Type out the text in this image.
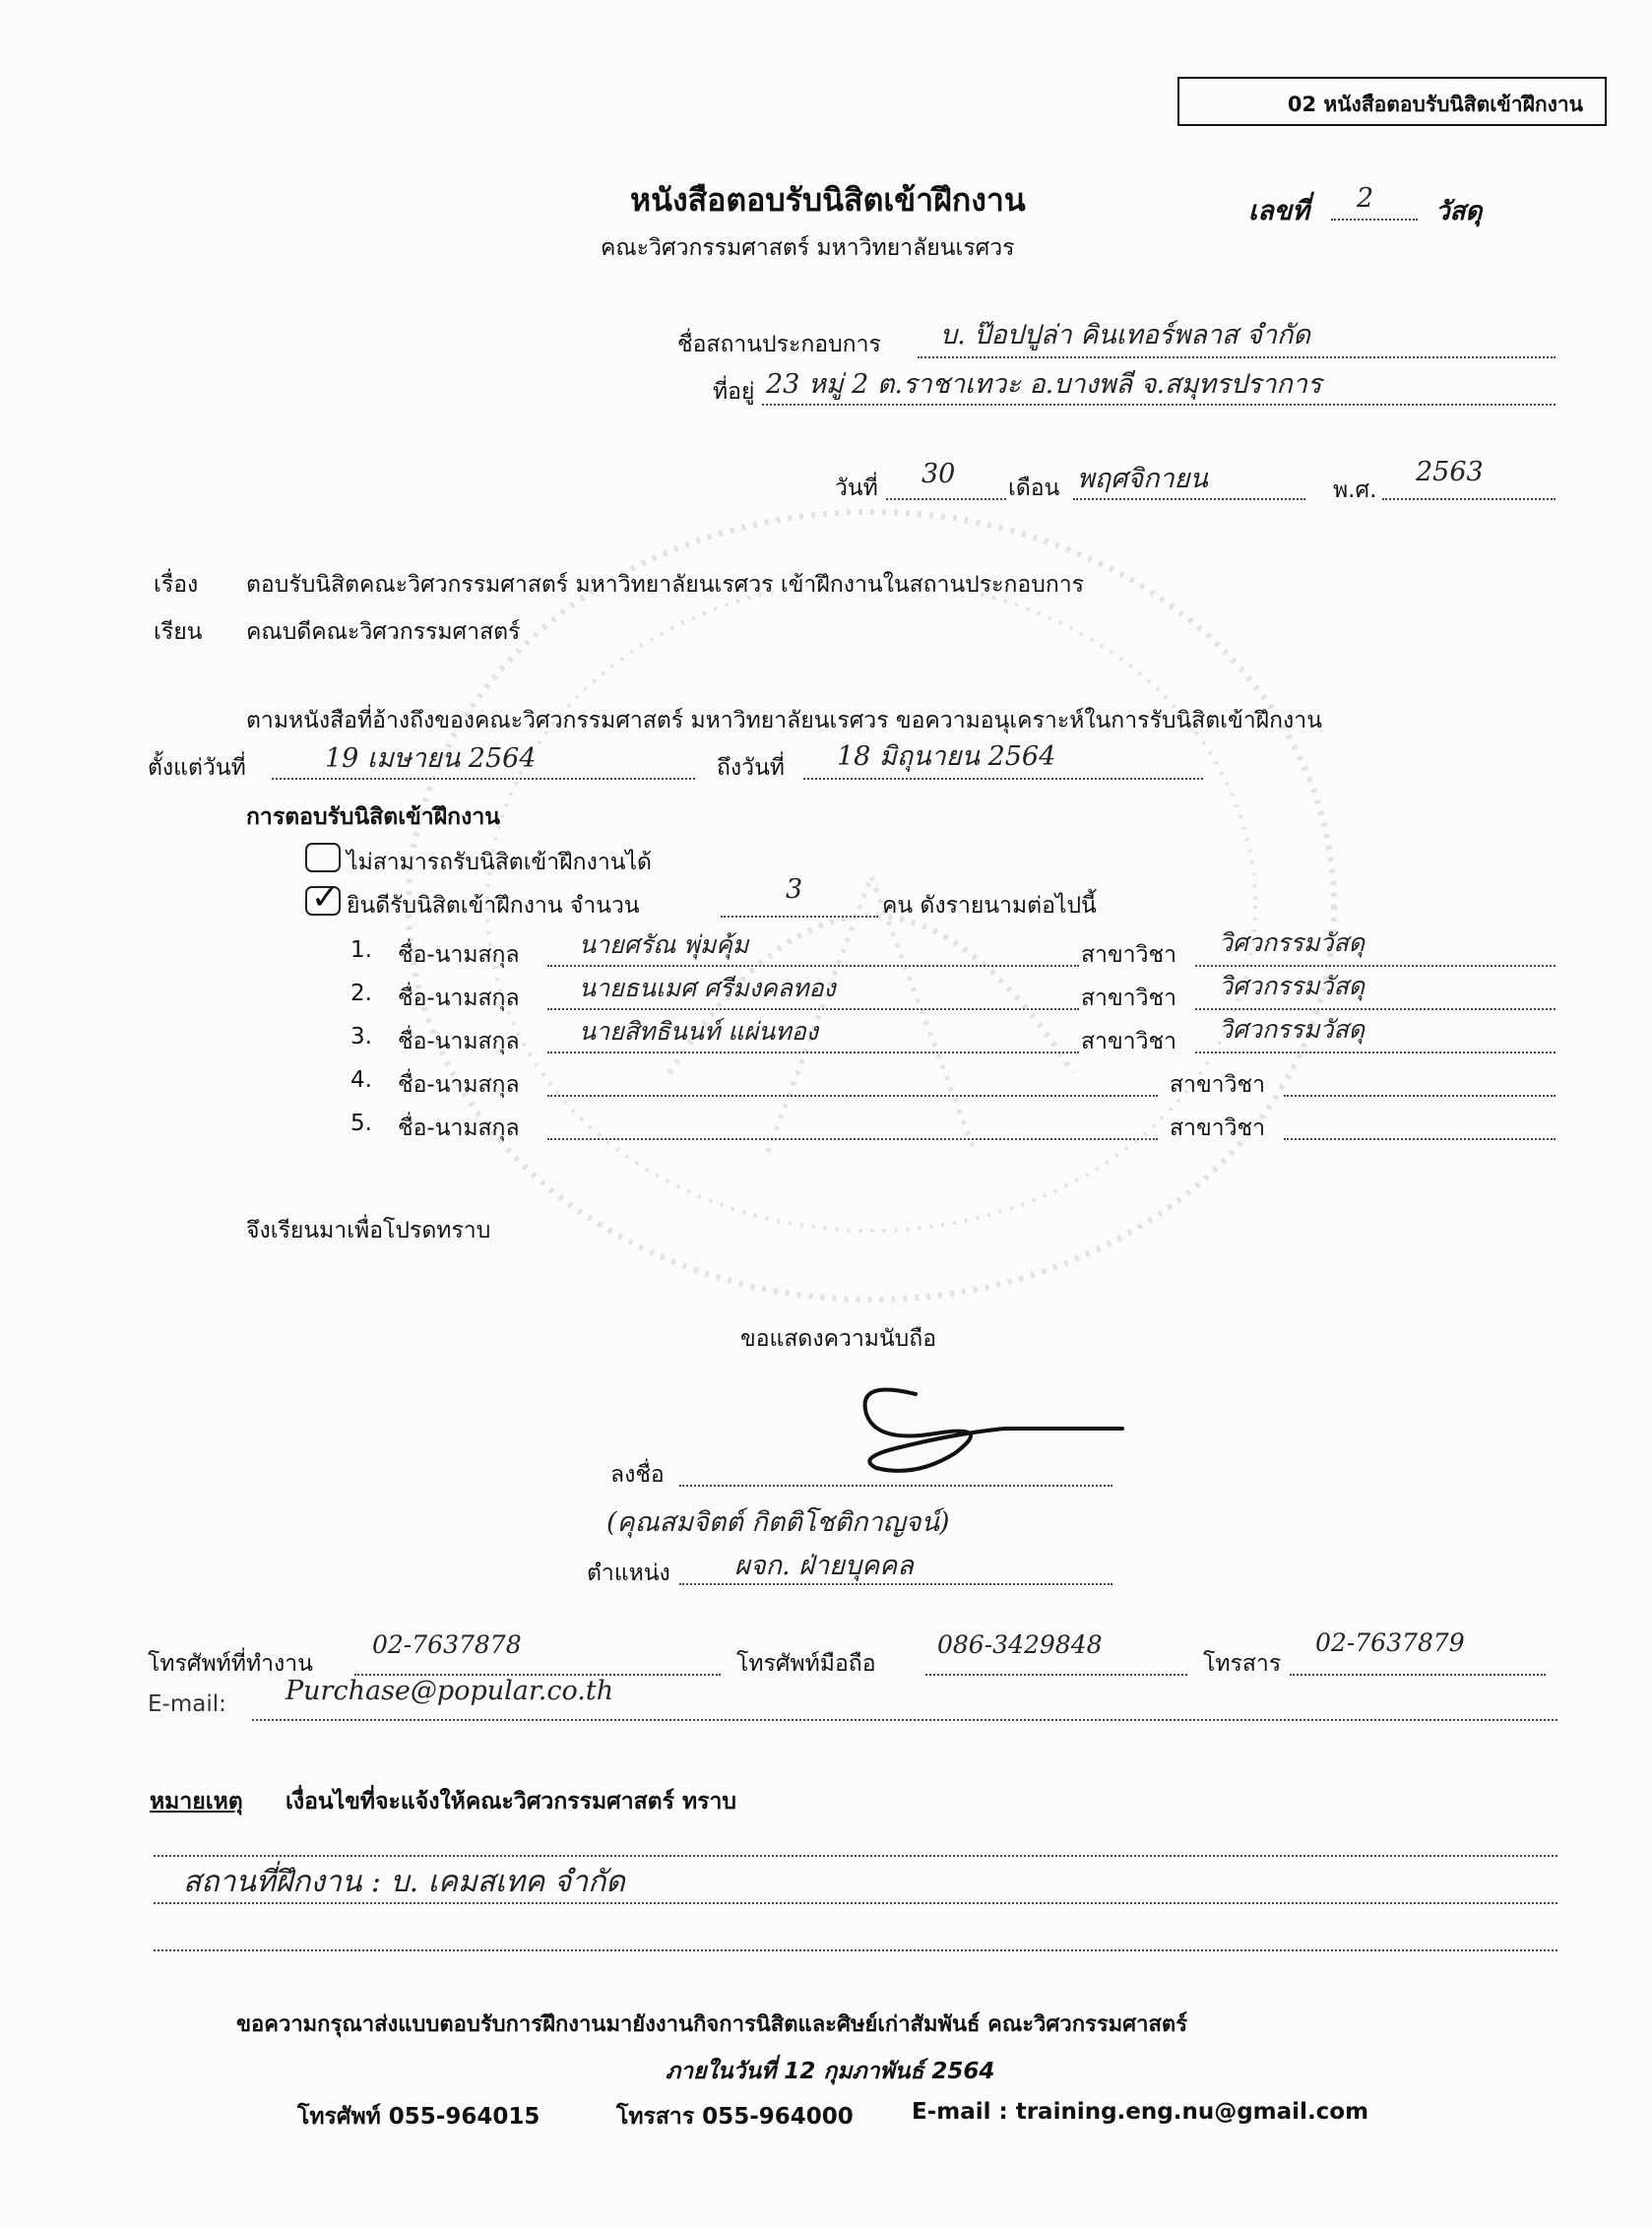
02 หนังสือตอบรับนิสิตเข้าฝึกงาน
หนังสือตอบรับนิสิตเข้าฝึกงาน
คณะวิศวกรรมศาสตร์ มหาวิทยาลัยนเรศวร
เลขที่ 2 วัสดุ
ชื่อสถานประกอบการ บ. ป๊อปปูล่า คินเทอร์พลาส จำกัด
ที่อยู่ 23 หมู่ 2 ต.ราชาเทวะ อ.บางพลี จ.สมุทรปราการ
วันที่ 30 เดือน พฤศจิกายน	พ.ศ.
2563
เรื่อง ตอบรับนิสิตคณะวิศวกรรมศาสตร์ มหาวิทยาลัยนเรศวร เข้าฝึกงานในสถานประกอบการ
เรียน คณบดีคณะวิศวกรรมศาสตร์
ตามหนังสือที่อ้างถึงของคณะวิศวกรรมศาสตร์ มหาวิทยาลัยนเรศวร ขอความอนุเคราะห์ในการรับนิสิตเข้าฝึกงาน
ตั้งแต่วันที่	19 เมษายน 2564	ถึงวันที่ 18 มิถุนายน 2564
การตอบรับนิสิตเข้าฝึกงาน
ไม่สามารถรับนิสิตเข้าฝึกงานได้
✓ ยินดีรับนิสิตเข้าฝึกงาน จำนวน
3
คน ดังรายนามต่อไปนี้
1. ชื่อ-นามสกุล นายศรัณ พุ่มคุ้ม	สาขาวิชา วิศวกรรมวัสดุ
2. ชื่อ-นามสกุล นายธนเมศ ศรีมงคลทอง	สาขาวิชา วิศวกรรมวัสดุ
3. ชื่อ-นามสกุล นายสิทธินนท์ แผ่นทอง	สาขาวิชา วิศวกรรมวัสดุ
4. ชื่อ-นามสกุล	สาขาวิชา
5. ชื่อ-นามสกุล	สาขาวิชา
จึงเรียนมาเพื่อโปรดทราบ
ขอแสดงความนับถือ
ลงชื่อ
(คุณสมจิตต์ กิตติโชติกาญจน์)
ตำแหน่ง ผจก. ฝ่ายบุคคล
โทรศัพท์ที่ทำงาน
02-7637878
โทรศัพท์มือถือ
086-3429848
โทรสาร
02-7637879
E-mail: Purchase@popular.co.th
หมายเหตุ เงื่อนไขที่จะแจ้งให้คณะวิศวกรรมศาสตร์ ทราบ
สถานที่ฝึกงาน : บ. เคมสเทค จำกัด
ขอความกรุณาส่งแบบตอบรับการฝึกงานมายังงานกิจการนิสิตและศิษย์เก่าสัมพันธ์ คณะวิศวกรรมศาสตร์
ภายในวันที่ 12 กุมภาพันธ์ 2564
โทรศัพท์ 055-964015	โทรสาร 055-964000	E-mail : training.eng.nu@gmail.com
